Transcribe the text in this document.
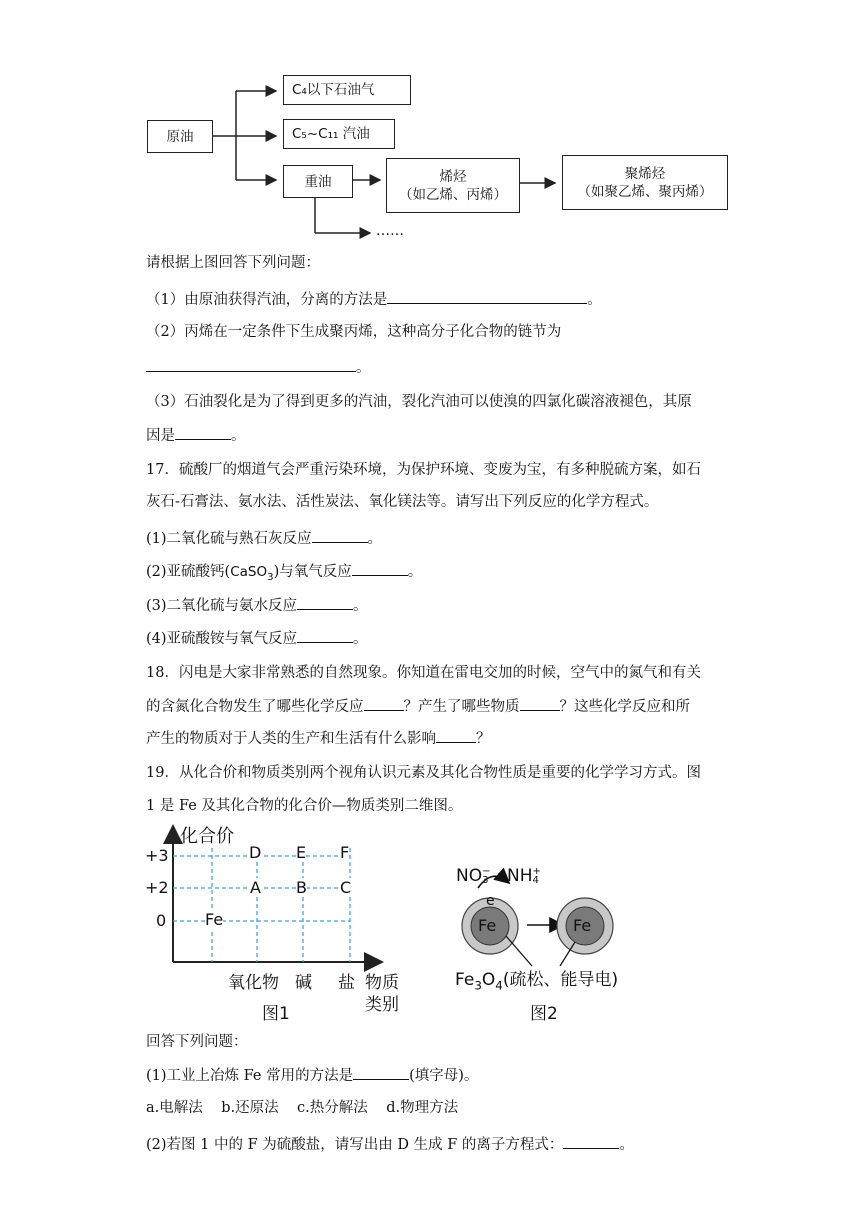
原油
C₄以下石油气
C₅~C₁₁ 汽油
重油	烯烃
（如乙烯、丙烯）
聚烯烃
（如聚乙烯、聚丙烯）
……
请根据上图回答下列问题：
（1）由原油获得汽油，分离的方法是	。
（2）丙烯在一定条件下生成聚丙烯，这种高分子化合物的链节为
。
（3）石油裂化是为了得到更多的汽油，裂化汽油可以使溴的四氯化碳溶液褪色，其原
因是	。
17．硫酸厂的烟道气会严重污染环境，为保护环境、变废为宝，有多种脱硫方案，如石
灰石-石膏法、氨水法、活性炭法、氧化镁法等。请写出下列反应的化学方程式。
(1)二氧化硫与熟石灰反应	。
(2)亚硫酸钙(CaSO$_3$)与氧气反应	。
(3)二氧化硫与氨水反应	。
(4)亚硫酸铵与氧气反应	。
18．闪电是大家非常熟悉的自然现象。你知道在雷电交加的时候，空气中的氮气和有关
的含氮化合物发生了哪些化学反应	？产生了哪些物质	？这些化学反应和所
产生的物质对于人类的生产和生活有什么影响	？
19．从化合价和物质类别两个视角认识元素及其化合物性质是重要的化学学习方式。图
1 是 Fe 及其化合物的化合价—物质类别二维图。
化合价
+3
+2
0
D E F
A B C
Fe
氧化物 碱 盐 物质
类别
图1
NO −
3 NH +
4
e
Fe	Fe
$Fe_3O_4$(疏松、能导电)
图2
回答下列问题：
(1)工业上冶炼 Fe 常用的方法是	(填字母)。
a.电解法 b.还原法 c.热分解法 d.物理方法
(2)若图 1 中的 F 为硫酸盐，请写出由 D 生成 F 的离子方程式：	。
